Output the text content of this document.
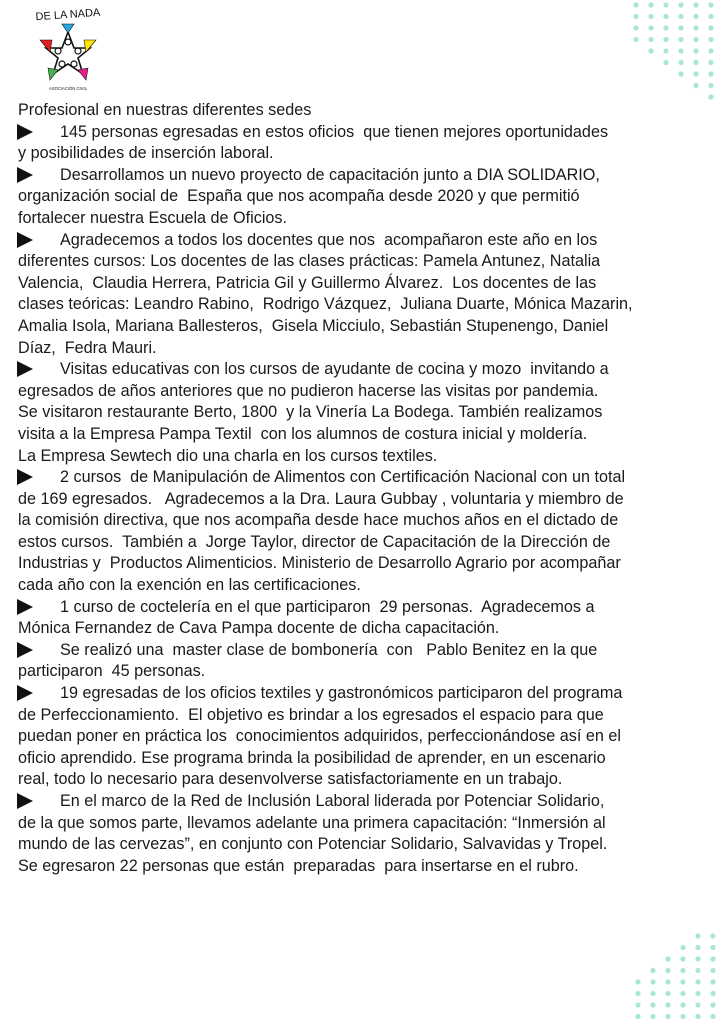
DE LA NADA
ASOCIACIÓN CIVIL
Profesional en nuestras diferentes sedes
145 personas egresadas en estos oficios  que tienen mejores oportunidades
y posibilidades de inserción laboral.
Desarrollamos un nuevo proyecto de capacitación junto a DIA SOLIDARIO,
organización social de  España que nos acompaña desde 2020 y que permitió
fortalecer nuestra Escuela de Oficios.
Agradecemos a todos los docentes que nos  acompañaron este año en los
diferentes cursos: Los docentes de las clases prácticas: Pamela Antunez, Natalia
Valencia,  Claudia Herrera, Patricia Gil y Guillermo Álvarez.  Los docentes de las
clases teóricas: Leandro Rabino,  Rodrigo Vázquez,  Juliana Duarte, Mónica Mazarin,
Amalia Isola, Mariana Ballesteros,  Gisela Micciulo, Sebastián Stupenengo, Daniel
Díaz,  Fedra Mauri.
Visitas educativas con los cursos de ayudante de cocina y mozo  invitando a
egresados de años anteriores que no pudieron hacerse las visitas por pandemia.
Se visitaron restaurante Berto, 1800  y la Vinería La Bodega. También realizamos
visita a la Empresa Pampa Textil  con los alumnos de costura inicial y moldería.
La Empresa Sewtech dio una charla en los cursos textiles.
2 cursos  de Manipulación de Alimentos con Certificación Nacional con un total
de 169 egresados.   Agradecemos a la Dra. Laura Gubbay , voluntaria y miembro de
la comisión directiva, que nos acompaña desde hace muchos años en el dictado de
estos cursos.  También a  Jorge Taylor, director de Capacitación de la Dirección de
Industrias y  Productos Alimenticios. Ministerio de Desarrollo Agrario por acompañar
cada año con la exención en las certificaciones.
1 curso de coctelería en el que participaron  29 personas.  Agradecemos a
Mónica Fernandez de Cava Pampa docente de dicha capacitación.
Se realizó una  master clase de bombonería  con   Pablo Benitez en la que
participaron  45 personas.
19 egresadas de los oficios textiles y gastronómicos participaron del programa
de Perfeccionamiento.  El objetivo es brindar a los egresados el espacio para que
puedan poner en práctica los  conocimientos adquiridos, perfeccionándose así en el
oficio aprendido. Ese programa brinda la posibilidad de aprender, en un escenario
real, todo lo necesario para desenvolverse satisfactoriamente en un trabajo.
En el marco de la Red de Inclusión Laboral liderada por Potenciar Solidario,
de la que somos parte, llevamos adelante una primera capacitación: “Inmersión al
mundo de las cervezas”, en conjunto con Potenciar Solidario, Salvavidas y Tropel.
Se egresaron 22 personas que están  preparadas  para insertarse en el rubro.
